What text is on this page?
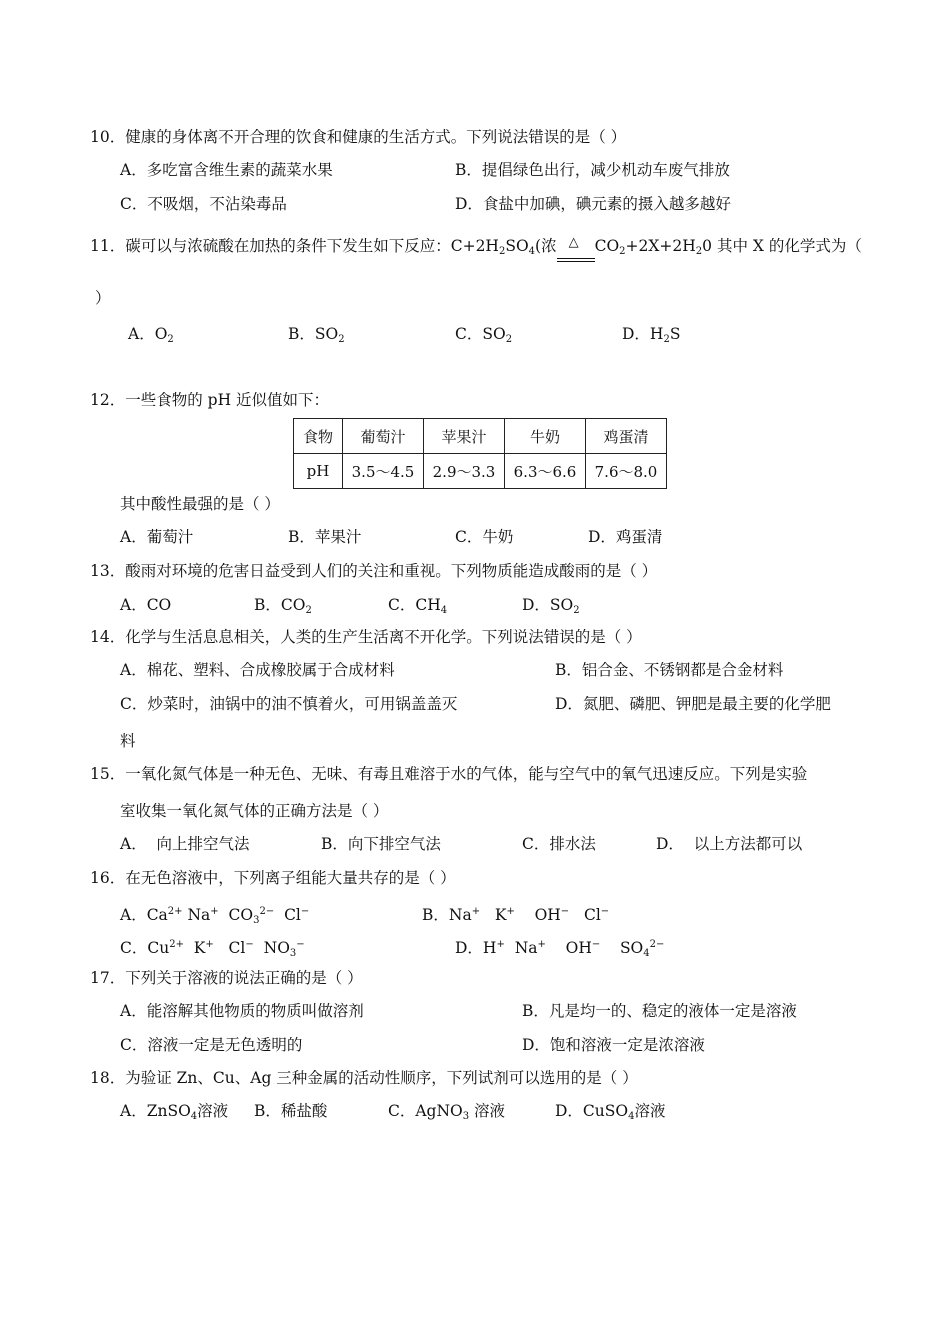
10．健康的身体离不开合理的饮食和健康的生活方式。下列说法错误的是（ ）
A．多吃富含维生素的蔬菜水果	B．提倡绿色出行，减少机动车废气排放
C．不吸烟，不沾染毒品	D．食盐中加碘，碘元素的摄入越多越好
11．碳可以与浓硫酸在加热的条件下发生如下反应：$C+2H_2SO_4$(浓 △ $CO_2+2X+2H_20$ 其中 X 的化学式为（
）
A．$O_2$	B．$SO_2$	C．$SO_2$	D．$H_2S$
12．一些食物的 pH 近似值如下：
食物	葡萄汁	苹果汁	牛奶	鸡蛋清
pH	3.5～4.5	2.9～3.3	6.3～6.6	7.6～8.0
其中酸性最强的是（ ）
A．葡萄汁	B．苹果汁	C．牛奶	D．鸡蛋清
13．酸雨对环境的危害日益受到人们的关注和重视。下列物质能造成酸雨的是（ ）
A．CO	B．$CO_2$	C．$CH_4$	D．$SO_2$
14．化学与生活息息相关，人类的生产生活离不开化学。下列说法错误的是（ ）
A．棉花、塑料、合成橡胶属于合成材料	B．铝合金、不锈钢都是合金材料
C．炒菜时，油锅中的油不慎着火，可用锅盖盖灭	D．氮肥、磷肥、钾肥是最主要的化学肥
料
15．一氧化氮气体是一种无色、无味、有毒且难溶于水的气体，能与空气中的氧气迅速反应。下列是实验
室收集一氧化氮气体的正确方法是（ ）
A．  向上排空气法	B．向下排空气法	C．排水法	D．  以上方法都可以
16．在无色溶液中，下列离子组能大量共存的是（ ）
A．$Ca^{2+}$ Na+  $CO_3^{2-}$  Cl−	B．Na+   K+    OH−   Cl−
C．$Cu^{2+}$  K+   Cl−  $NO_3^-$	D．H+  Na+    OH−    $SO_4^{2-}$
17．下列关于溶液的说法正确的是（ ）
A．能溶解其他物质的物质叫做溶剂	B．凡是均一的、稳定的液体一定是溶液
C．溶液一定是无色透明的	D．饱和溶液一定是浓溶液
18．为验证 Zn、Cu、Ag 三种金属的活动性顺序，下列试剂可以选用的是（ ）
A．ZnSO$_4$溶液 B．稀盐酸	C．AgNO$_3$ 溶液	D．CuSO$_4$溶液
